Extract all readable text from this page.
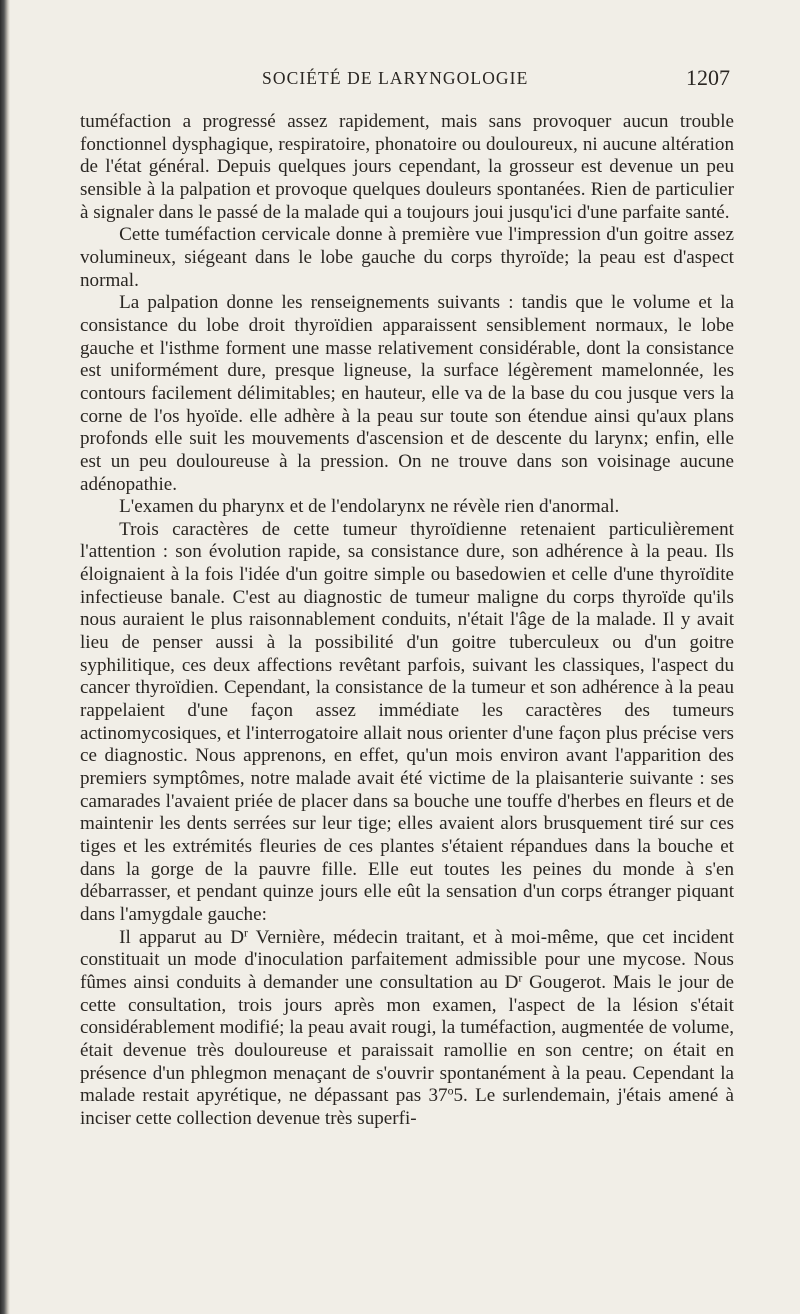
SOCIÉTÉ DE LARYNGOLOGIE	1207

tuméfaction a progressé assez rapidement, mais sans provoquer aucun trouble fonctionnel dysphagique, respiratoire, phonatoire ou douloureux, ni aucune altération de l'état général. Depuis quelques jours cependant, la grosseur est devenue un peu sensible à la palpation et provoque quelques douleurs spontanées. Rien de particulier à signaler dans le passé de la malade qui a toujours joui jusqu'ici d'une parfaite santé.

Cette tuméfaction cervicale donne à première vue l'impression d'un goitre assez volumineux, siégeant dans le lobe gauche du corps thyroïde; la peau est d'aspect normal.

La palpation donne les renseignements suivants : tandis que le volume et la consistance du lobe droit thyroïdien apparaissent sensiblement normaux, le lobe gauche et l'isthme forment une masse relativement considérable, dont la consistance est uniformément dure, presque ligneuse, la surface légèrement mamelonnée, les contours facilement délimitables; en hauteur, elle va de la base du cou jusque vers la corne de l'os hyoïde. elle adhère à la peau sur toute son étendue ainsi qu'aux plans profonds elle suit les mouvements d'ascension et de descente du larynx; enfin, elle est un peu douloureuse à la pression. On ne trouve dans son voisinage aucune adénopathie.

L'examen du pharynx et de l'endolarynx ne révèle rien d'anormal.

Trois caractères de cette tumeur thyroïdienne retenaient particulièrement l'attention : son évolution rapide, sa consistance dure, son adhérence à la peau. Ils éloignaient à la fois l'idée d'un goitre simple ou basedowien et celle d'une thyroïdite infectieuse banale. C'est au diagnostic de tumeur maligne du corps thyroïde qu'ils nous auraient le plus raisonnablement conduits, n'était l'âge de la malade. Il y avait lieu de penser aussi à la possibilité d'un goitre tuberculeux ou d'un goitre syphilitique, ces deux affections revêtant parfois, suivant les classiques, l'aspect du cancer thyroïdien. Cependant, la consistance de la tumeur et son adhérence à la peau rappelaient d'une façon assez immédiate les caractères des tumeurs actinomycosiques, et l'interrogatoire allait nous orienter d'une façon plus précise vers ce diagnostic. Nous apprenons, en effet, qu'un mois environ avant l'apparition des premiers symptômes, notre malade avait été victime de la plaisanterie suivante : ses camarades l'avaient priée de placer dans sa bouche une touffe d'herbes en fleurs et de maintenir les dents serrées sur leur tige; elles avaient alors brusquement tiré sur ces tiges et les extrémités fleuries de ces plantes s'étaient répandues dans la bouche et dans la gorge de la pauvre fille. Elle eut toutes les peines du monde à s'en débarrasser, et pendant quinze jours elle eût la sensation d'un corps étranger piquant dans l'amygdale gauche:

Il apparut au $D^r$ Vernière, médecin traitant, et à moi-même, que cet incident constituait un mode d'inoculation parfaitement admissible pour une mycose. Nous fûmes ainsi conduits à demander une consultation au $D^r$ Gougerot. Mais le jour de cette consultation, trois jours après mon examen, l'aspect de la lésion s'était considérablement modifié; la peau avait rougi, la tuméfaction, augmentée de volume, était devenue très douloureuse et paraissait ramollie en son centre; on était en présence d'un phlegmon menaçant de s'ouvrir spontanément à la peau. Cependant la malade restait apyrétique, ne dépassant pas 37$^o$5. Le surlendemain, j'étais amené à inciser cette collection devenue très superfi-
